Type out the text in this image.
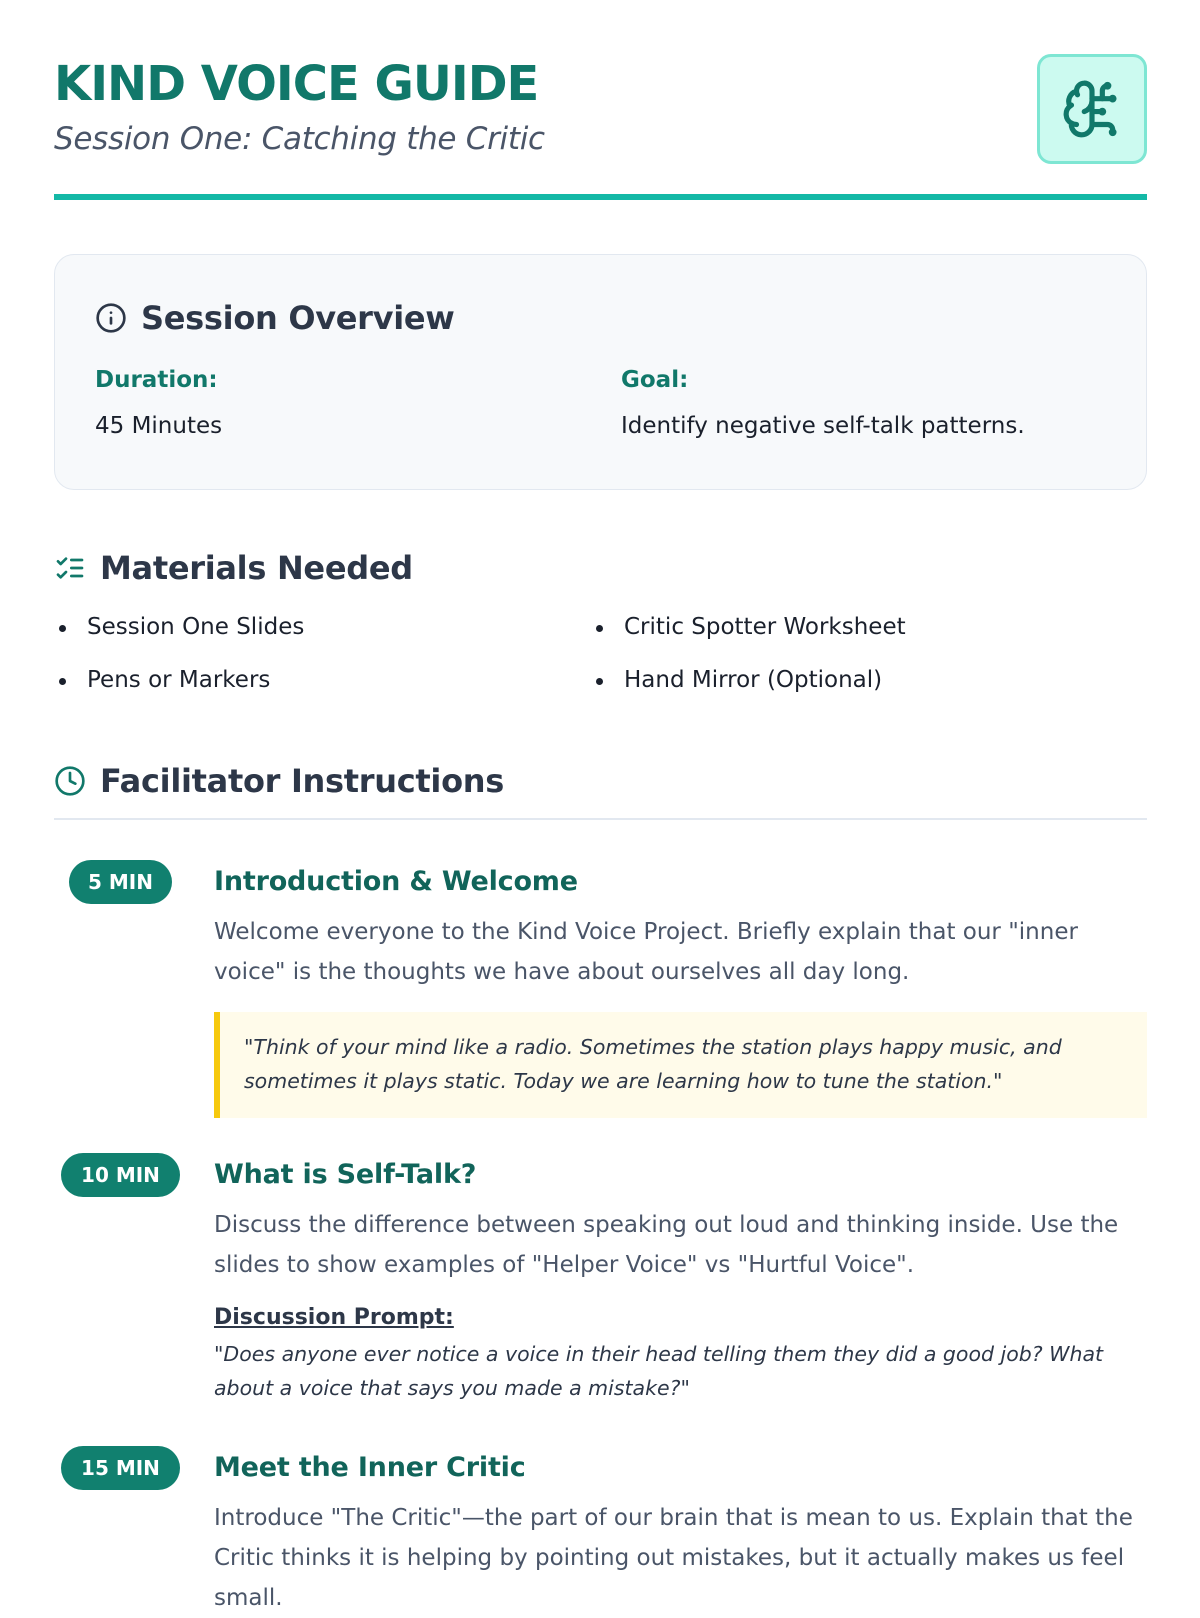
KIND VOICE GUIDE
Session One: Catching the Critic
Session Overview
Duration:
45 Minutes
Goal:
Identify negative self-talk patterns.
Materials Needed
Session One Slides	Critic Spotter Worksheet
Pens or Markers	Hand Mirror (Optional)
Facilitator Instructions
5 MIN	Introduction & Welcome

Welcome everyone to the Kind Voice Project. Briefly explain that our "inner voice" is the thoughts we have about ourselves all day long.

"Think of your mind like a radio. Sometimes the station plays happy music, and sometimes it plays static. Today we are learning how to tune the station."
10 MIN	What is Self-Talk?

Discuss the difference between speaking out loud and thinking inside. Use the slides to show examples of "Helper Voice" vs "Hurtful Voice".

Discussion Prompt:
"Does anyone ever notice a voice in their head telling them they did a good job? What about a voice that says you made a mistake?"
15 MIN	Meet the Inner Critic

Introduce "The Critic"—the part of our brain that is mean to us. Explain that the Critic thinks it is helping by pointing out mistakes, but it actually makes us feel small.
